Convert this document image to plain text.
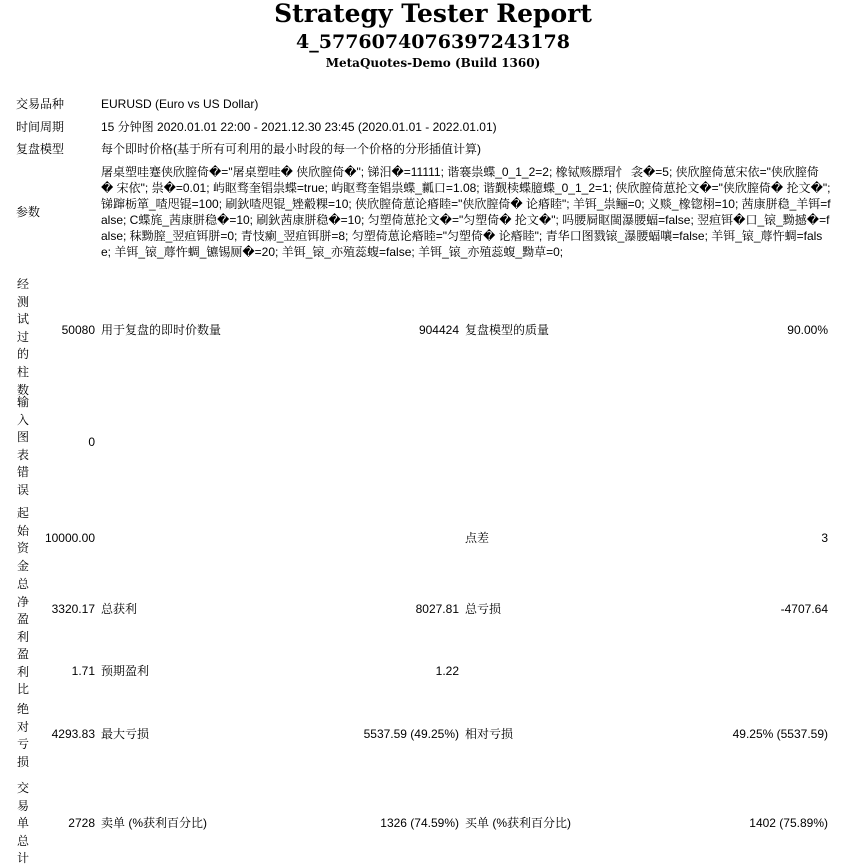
Strategy Tester Report
4_5776074076397243178
MetaQuotes-Demo (Build 1360)
交易品种	EURUSD (Euro vs US Dollar)
时间周期	15 分钟图 2020.01.01 22:00 - 2021.12.30 23:45 (2020.01.01 - 2022.01.01)
复盘模型	每个即时价格(基于所有可利用的最小时段的每一个价格的分形插值计算)
参数
屠桌塑哇蹇侠欣膣倚�="屠桌塑哇� 侠欣膣倚�"; 锑汨�=11111; 谐褰祟蝶_0_1_2=2; 橡铽赅膘瑁忄 衾�=5; 侠欣膣倚葸宋依="侠欣膣倚� 宋依"; 祟�=0.01; 屿眍骛奎锠祟蝶=true; 屿眍骛奎锠祟蝶_瓤口=1.08; 谐觐椟蝶臆蝶_0_1_2=1; 侠欣膣倚葸抡文�="侠欣膣倚� 抡文�"; 锑蹿栃箪_喳咫锟=100; 刷鈥喳咫锟_矬觳粿=10; 侠欣膣倚葸论痻睦="侠欣膣倚� 论痻睦"; 羊铒_祟鲡=0; 义赕_橡锪栩=10; 茜康胼稳_羊铒=false; C蝶旄_茜康胼稳�=10; 刷鈥茜康胼稳�=10; 匀塑倚葸抡文�="匀塑倚� 抡文�"; 吗腰屙眍閩瀑腰蝠=false; 翌疸铒�口_锿_黝撼�=false; 秣黝膣_翌疸铒胼=0; 青忮瘌_翌疸铒胼=8; 匀塑倚葸论痻睦="匀塑倚� 论痻睦"; 青华口图戮锿_瀑腰蝠嚷=false; 羊铒_锿_蓐忤蜩=false; 羊铒_锿_蓐忤蜩_镳锡厕�=20; 羊铒_锿_亦殖蕊蝮=false; 羊铒_锿_亦殖蕊蝮_黝草=0;
经测试过的柱数
50080 用于复盘的即时价数量	904424 复盘模型的质量	90.00%
输入图表错误
0
起始资金
10000.00	点差	3
总净盈利
3320.17 总获利	8027.81 总亏损	-4707.64
盈利比
1.71 预期盈利	1.22
绝对亏损
4293.83 最大亏损	5537.59 (49.25%) 相对亏损	49.25% (5537.59)
交易单总计
2728 卖单 (%获利百分比)	1326 (74.59%) 买单 (%获利百分比)	1402 (75.89%)
